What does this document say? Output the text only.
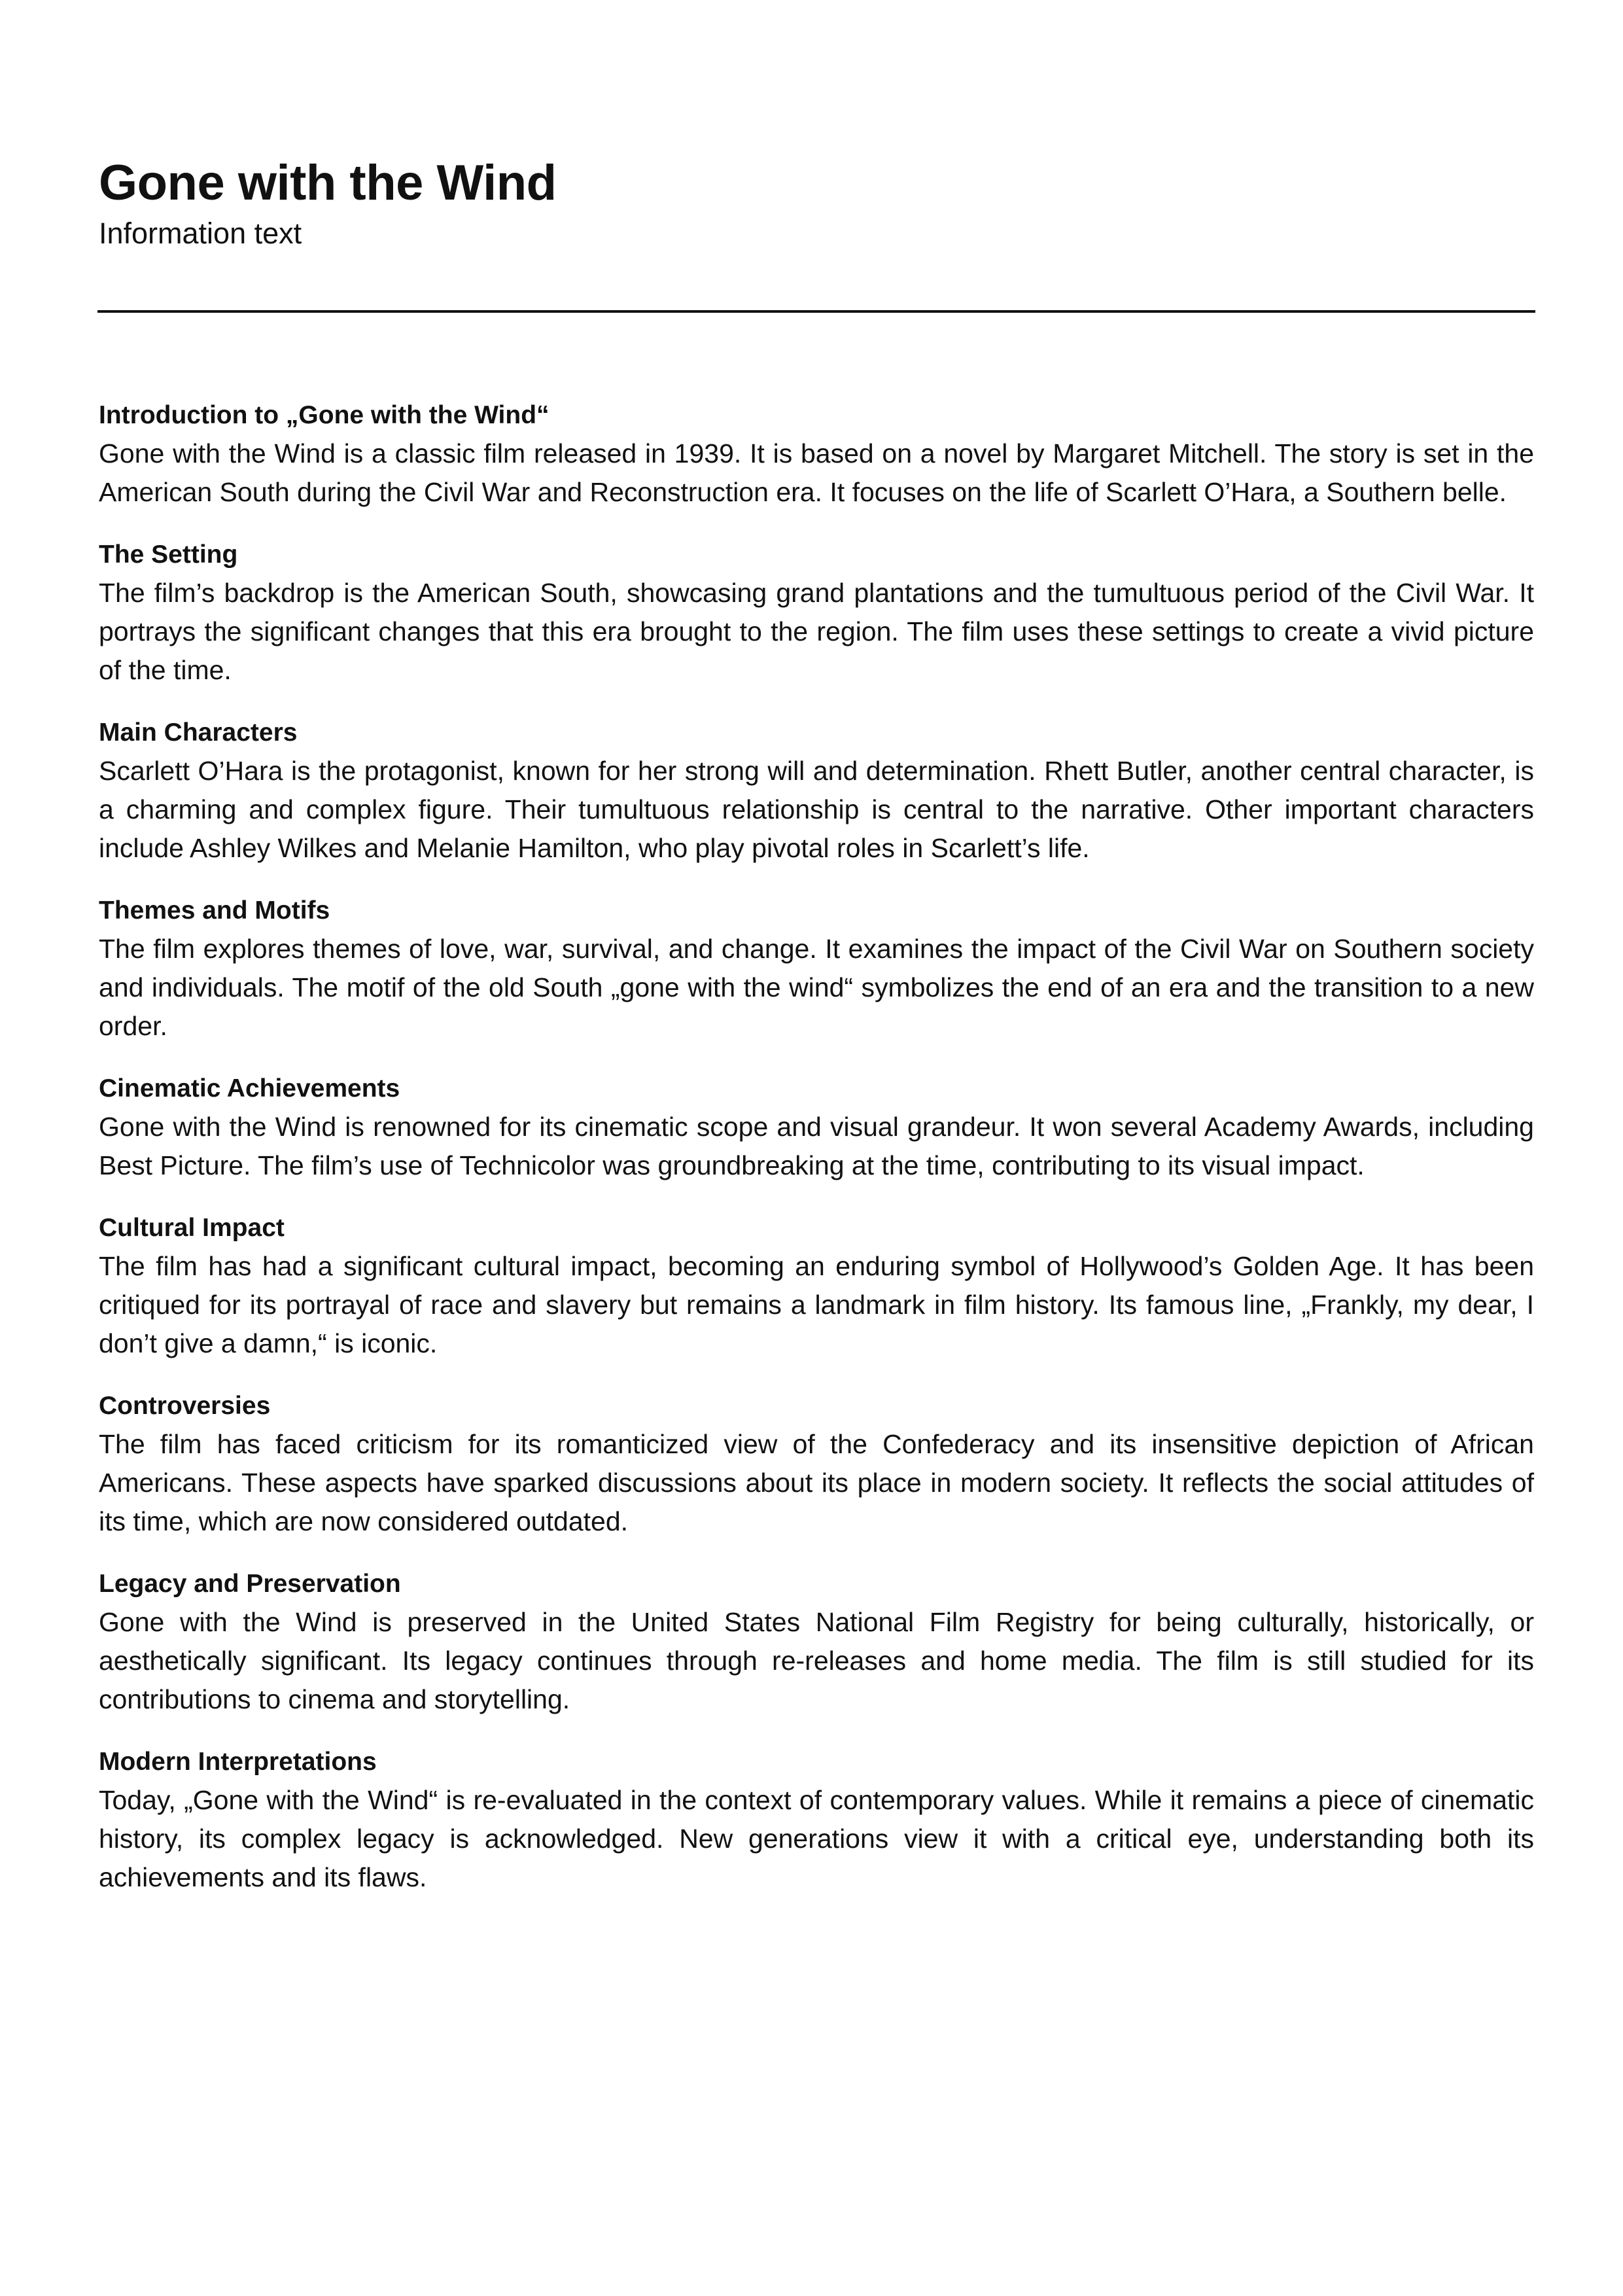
Gone with the Wind

Information text

Introduction to „Gone with the Wind“

Gone with the Wind is a classic film released in 1939. It is based on a novel by Margaret Mitchell. The story is set in the American South during the Civil War and Reconstruction era. It focuses on the life of Scarlett O’Hara, a Southern belle.

The Setting

The film’s backdrop is the American South, showcasing grand plantations and the tumultuous period of the Civil War. It portrays the significant changes that this era brought to the region. The film uses these settings to create a vivid picture of the time.

Main Characters

Scarlett O’Hara is the protagonist, known for her strong will and determination. Rhett Butler, another central character, is a charming and complex figure. Their tumultuous relationship is central to the narrative. Other important characters include Ashley Wilkes and Melanie Hamilton, who play pivotal roles in Scarlett’s life.

Themes and Motifs

The film explores themes of love, war, survival, and change. It examines the impact of the Civil War on Southern society and individuals. The motif of the old South „gone with the wind“ symbolizes the end of an era and the transition to a new order.

Cinematic Achievements

Gone with the Wind is renowned for its cinematic scope and visual grandeur. It won several Academy Awards, including Best Picture. The film’s use of Technicolor was groundbreaking at the time, contributing to its visual impact.

Cultural Impact

The film has had a significant cultural impact, becoming an enduring symbol of Hollywood’s Golden Age. It has been critiqued for its portrayal of race and slavery but remains a landmark in film history. Its famous line, „Frankly, my dear, I don’t give a damn,“ is iconic.

Controversies

The film has faced criticism for its romanticized view of the Confederacy and its insensitive depiction of African Americans. These aspects have sparked discussions about its place in modern society. It reflects the social attitudes of its time, which are now considered outdated.

Legacy and Preservation

Gone with the Wind is preserved in the United States National Film Registry for being culturally, historically, or aesthetically significant. Its legacy continues through re-releases and home media. The film is still studied for its contributions to cinema and storytelling.

Modern Interpretations

Today, „Gone with the Wind“ is re-evaluated in the context of contemporary values. While it remains a piece of cinematic history, its complex legacy is acknowledged. New generations view it with a critical eye, understanding both its achievements and its flaws.
